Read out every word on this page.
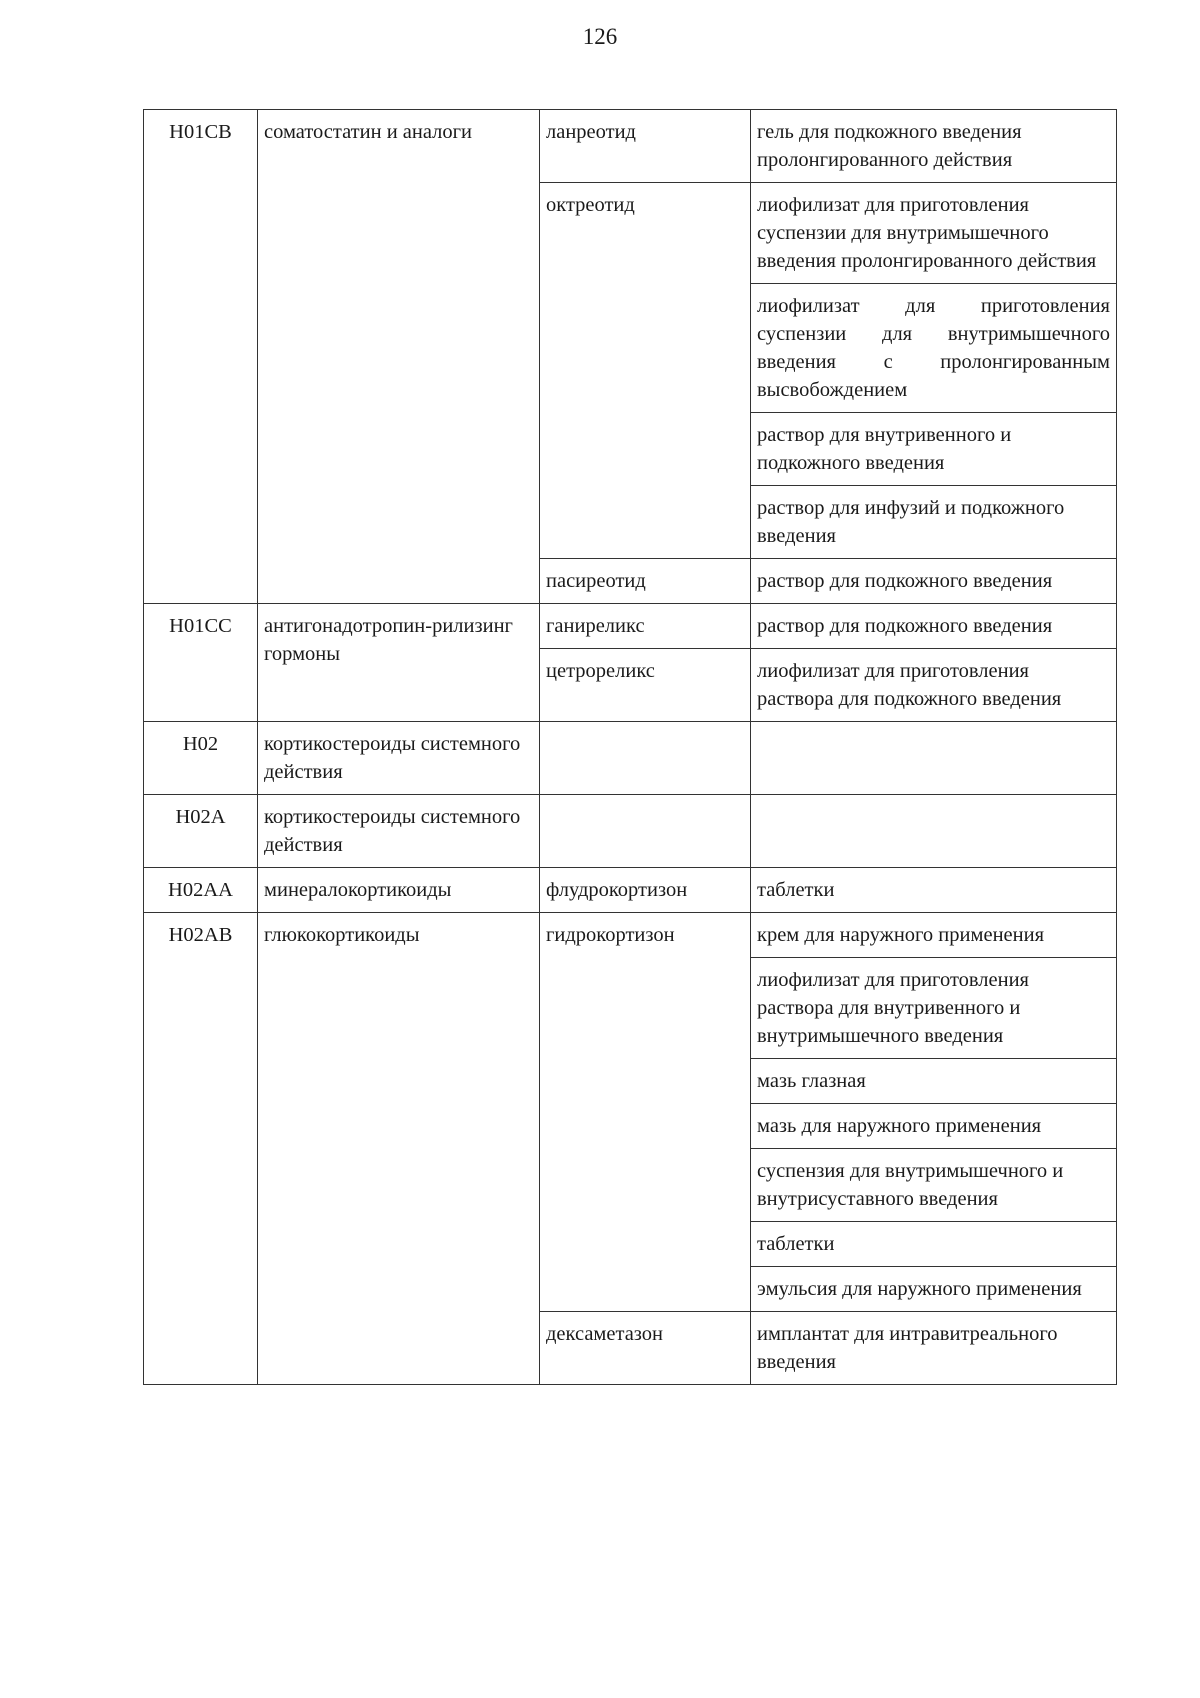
126
H01CB	соматостатин и аналоги	ланреотид	гель для подкожного введения пролонгированного действия
		октреотид	лиофилизат для приготовления суспензии для внутримышечного введения пролонгированного действия
			лиофилизат для приготовления суспензии для внутримышечного введения с пролонгированным высвобождением
			раствор для внутривенного и подкожного введения
			раствор для инфузий и подкожного введения
		пасиреотид	раствор для подкожного введения
H01CC	антигонадотропин-рилизинг гормоны	ганиреликс	раствор для подкожного введения
		цетрореликс	лиофилизат для приготовления раствора для подкожного введения
H02	кортикостероиды системного действия		
H02A	кортикостероиды системного действия		
H02AA	минералокортикоиды	флудрокортизон	таблетки
H02AB	глюкокортикоиды	гидрокортизон	крем для наружного применения
			лиофилизат для приготовления раствора для внутривенного и внутримышечного введения
			мазь глазная
			мазь для наружного применения
			суспензия для внутримышечного и внутрисуставного введения
			таблетки
			эмульсия для наружного применения
		дексаметазон	имплантат для интравитреального введения
